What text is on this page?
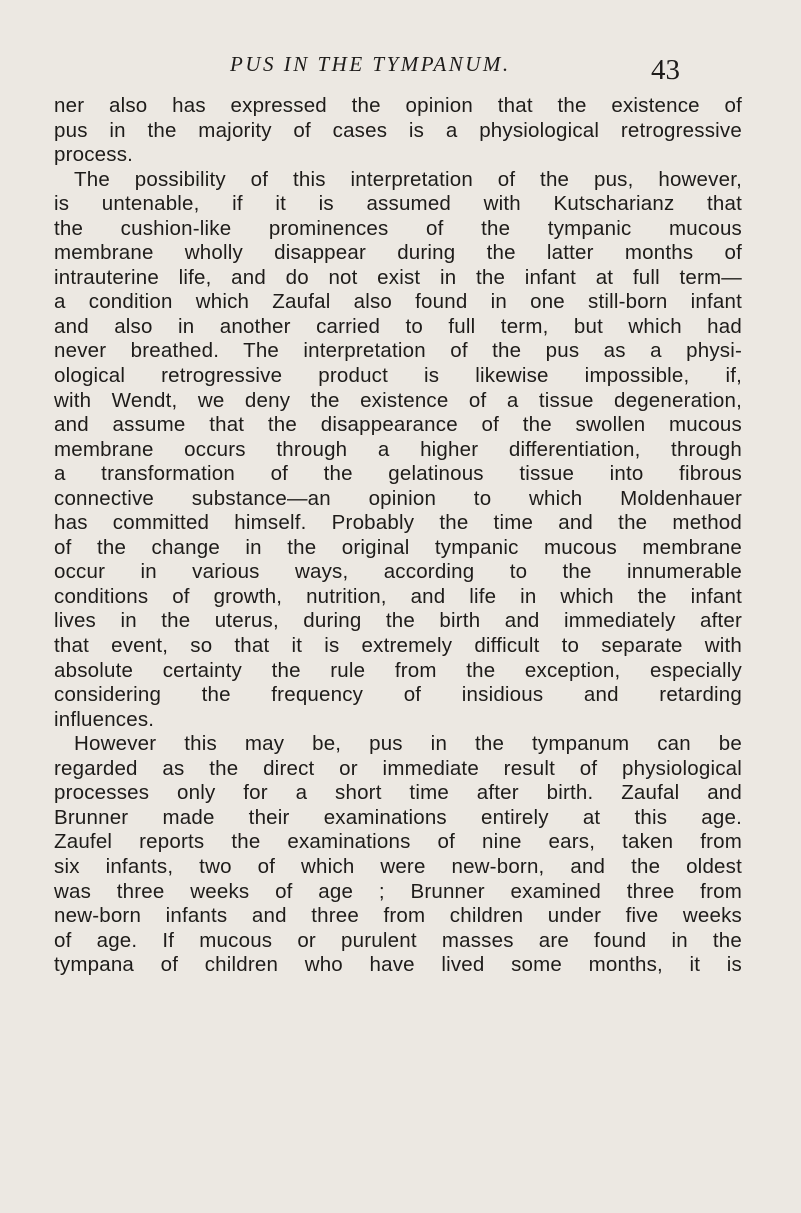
PUS IN THE TYMPANUM.	43
ner also has expressed the opinion that the existence of
pus in the majority of cases is a physiological retrogressive
process.
The possibility of this interpretation of the pus, however,
is untenable, if it is assumed with Kutscharianz that
the cushion-like prominences of the tympanic mucous
membrane wholly disappear during the latter months of
intrauterine life, and do not exist in the infant at full term—
a condition which Zaufal also found in one still-born infant
and also in another carried to full term, but which had
never breathed. The interpretation of the pus as a physi-
ological retrogressive product is likewise impossible, if,
with Wendt, we deny the existence of a tissue degeneration,
and assume that the disappearance of the swollen mucous
membrane occurs through a higher differentiation, through
a transformation of the gelatinous tissue into fibrous
connective substance—an opinion to which Moldenhauer
has committed himself. Probably the time and the method
of the change in the original tympanic mucous membrane
occur in various ways, according to the innumerable
conditions of growth, nutrition, and life in which the infant
lives in the uterus, during the birth and immediately after
that event, so that it is extremely difficult to separate with
absolute certainty the rule from the exception, especially
considering the frequency of insidious and retarding
influences.
However this may be, pus in the tympanum can be
regarded as the direct or immediate result of physiological
processes only for a short time after birth. Zaufal and
Brunner made their examinations entirely at this age.
Zaufel reports the examinations of nine ears, taken from
six infants, two of which were new-born, and the oldest
was three weeks of age ; Brunner examined three from
new-born infants and three from children under five weeks
of age. If mucous or purulent masses are found in the
tympana of children who have lived some months, it is
